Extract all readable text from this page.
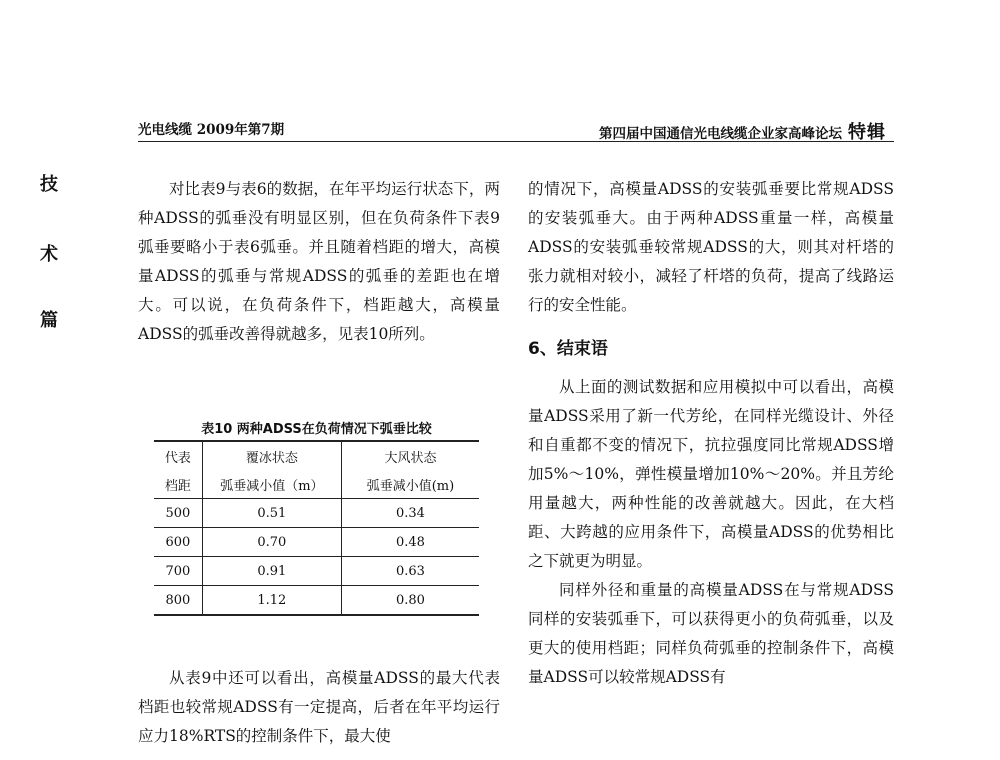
光电线缆 2009年第7期	第四届中国通信光电线缆企业家高峰论坛 特辑
技
术
篇

对比表9与表6的数据，在年平均运行状态下，两种ADSS的弧垂没有明显区别，但在负荷条件下表9弧垂要略小于表6弧垂。并且随着档距的增大，高模量ADSS的弧垂与常规ADSS的弧垂的差距也在增大。可以说，在负荷条件下，档距越大，高模量ADSS的弧垂改善得就越多，见表10所列。

表10 两种ADSS在负荷情况下弧垂比较
代表	覆冰状态	大风状态
档距	弧垂减小值（m）	弧垂减小值(m)
500	0.51	0.34
600	0.70	0.48
700	0.91	0.63
800	1.12	0.80

从表9中还可以看出，高模量ADSS的最大代表档距也较常规ADSS有一定提高，后者在年平均运行应力18%RTS的控制条件下，最大使

的情况下，高模量ADSS的安装弧垂要比常规ADSS的安装弧垂大。由于两种ADSS重量一样，高模量ADSS的安装弧垂较常规ADSS的大，则其对杆塔的张力就相对较小，减轻了杆塔的负荷，提高了线路运行的安全性能。

6、结束语

从上面的测试数据和应用模拟中可以看出，高模量ADSS采用了新一代芳纶，在同样光缆设计、外径和自重都不变的情况下，抗拉强度同比常规ADSS增加5%～10%，弹性模量增加10%～20%。并且芳纶用量越大，两种性能的改善就越大。因此，在大档距、大跨越的应用条件下，高模量ADSS的优势相比之下就更为明显。

同样外径和重量的高模量ADSS在与常规ADSS同样的安装弧垂下，可以获得更小的负荷弧垂，以及更大的使用档距；同样负荷弧垂的控制条件下，高模量ADSS可以较常规ADSS有
